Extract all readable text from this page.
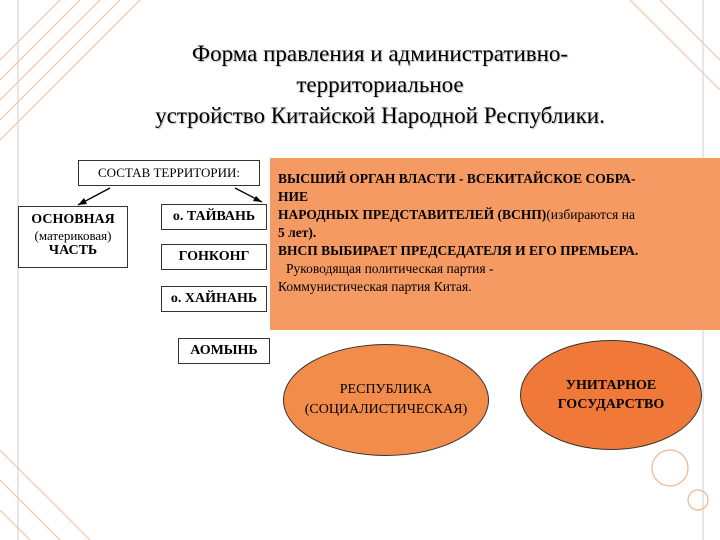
Форма правления и административно-
территориальное
устройство Китайской Народной Республики.
СОСТАВ ТЕРРИТОРИИ:
ОСНОВНАЯ
(материковая)
ЧАСТЬ
о. ТАЙВАНЬ
ГОНКОНГ
о. ХАЙНАНЬ
АОМЫНЬ
ВЫСШИЙ ОРГАН ВЛАСТИ - ВСЕКИТАЙСКОЕ СОБРА-
НИЕ
НАРОДНЫХ ПРЕДСТАВИТЕЛЕЙ (ВСНП)(избираются на
5 лет).
ВНСП ВЫБИРАЕТ ПРЕДСЕДАТЕЛЯ И ЕГО ПРЕМЬЕРА.
Руководящая политическая партия -
Коммунистическая партия Китая.
РЕСПУБЛИКА
(СОЦИАЛИСТИЧЕСКАЯ)
УНИТАРНОЕ
ГОСУДАРСТВО
